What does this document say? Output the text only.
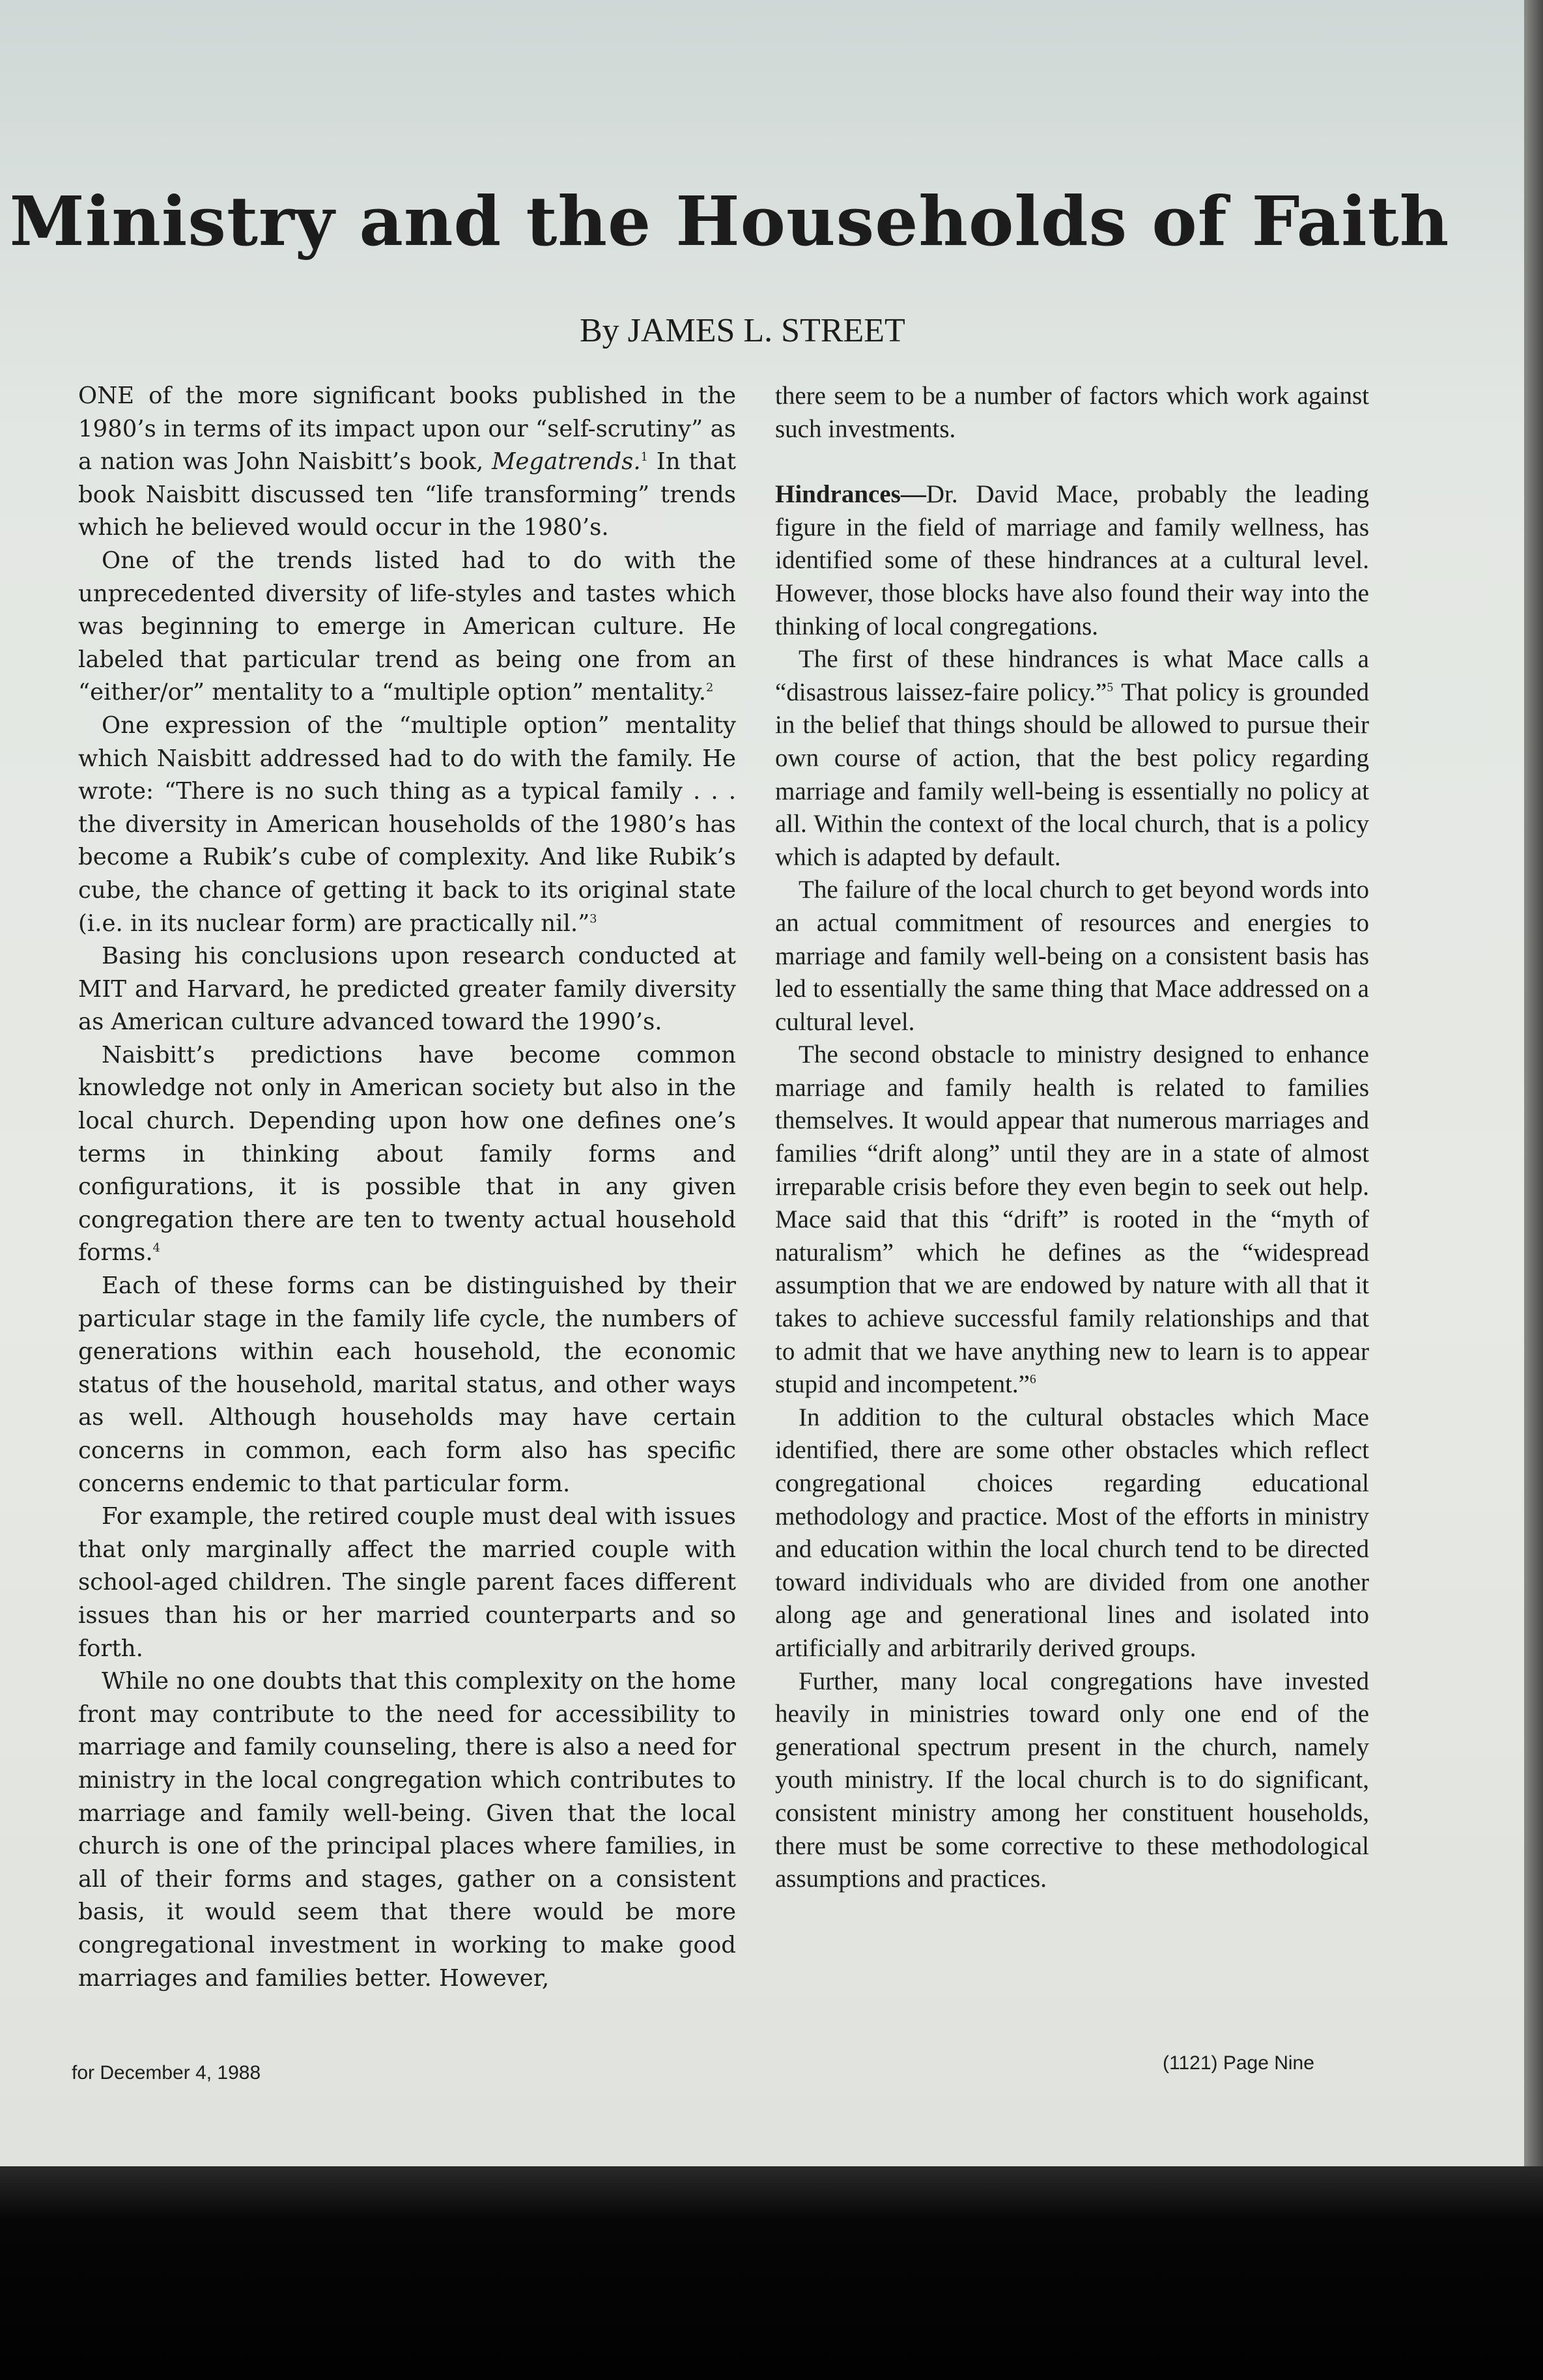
Ministry and the Households of Faith
By JAMES L. STREET

ONE of the more significant books published in the 1980’s in terms of its impact upon our “self-scrutiny” as a nation was John Naisbitt’s book, Megatrends.$^1$ In that book Naisbitt discussed ten “life transforming” trends which he believed would occur in the 1980’s.

One of the trends listed had to do with the unprecedented diversity of life-styles and tastes which was beginning to emerge in American culture. He labeled that particular trend as being one from an “either/or” mentality to a “multiple option” mentality.$^2$

One expression of the “multiple option” mentality which Naisbitt addressed had to do with the family. He wrote: “There is no such thing as a typical family . . . the diversity in American households of the 1980’s has become a Rubik’s cube of complexity. And like Rubik’s cube, the chance of getting it back to its original state (i.e. in its nuclear form) are practically nil.”$^3$

Basing his conclusions upon research conducted at MIT and Harvard, he predicted greater family diversity as American culture advanced toward the 1990’s.

Naisbitt’s predictions have become common knowledge not only in American society but also in the local church. Depending upon how one defines one’s terms in thinking about family forms and configurations, it is possible that in any given congregation there are ten to twenty actual household forms.$^4$

Each of these forms can be distinguished by their particular stage in the family life cycle, the numbers of generations within each household, the economic status of the household, marital status, and other ways as well. Although households may have certain concerns in common, each form also has specific concerns endemic to that particular form.

For example, the retired couple must deal with issues that only marginally affect the married couple with school-aged children. The single parent faces different issues than his or her married counterparts and so forth.

While no one doubts that this complexity on the home front may contribute to the need for accessibility to marriage and family counseling, there is also a need for ministry in the local congregation which contributes to marriage and family well-being. Given that the local church is one of the principal places where families, in all of their forms and stages, gather on a consistent basis, it would seem that there would be more congregational investment in working to make good marriages and families better. However,

there seem to be a number of factors which work against such investments.

Hindrances—Dr. David Mace, probably the leading figure in the field of marriage and family wellness, has identified some of these hindrances at a cultural level. However, those blocks have also found their way into the thinking of local congregations.

The first of these hindrances is what Mace calls a “disastrous laissez-faire policy.”$^5$ That policy is grounded in the belief that things should be allowed to pursue their own course of action, that the best policy regarding marriage and family well-being is essentially no policy at all. Within the context of the local church, that is a policy which is adapted by default.

The failure of the local church to get beyond words into an actual commitment of resources and energies to marriage and family well-being on a consistent basis has led to essentially the same thing that Mace addressed on a cultural level.

The second obstacle to ministry designed to enhance marriage and family health is related to families themselves. It would appear that numerous marriages and families “drift along” until they are in a state of almost irreparable crisis before they even begin to seek out help. Mace said that this “drift” is rooted in the “myth of naturalism” which he defines as the “widespread assumption that we are endowed by nature with all that it takes to achieve successful family relationships and that to admit that we have anything new to learn is to appear stupid and incompetent.”$^6$

In addition to the cultural obstacles which Mace identified, there are some other obstacles which reflect congregational choices regarding educational methodology and practice. Most of the efforts in ministry and education within the local church tend to be directed toward individuals who are divided from one another along age and generational lines and isolated into artificially and arbitrarily derived groups.

Further, many local congregations have invested heavily in ministries toward only one end of the generational spectrum present in the church, namely youth ministry. If the local church is to do significant, consistent ministry among her constituent households, there must be some corrective to these methodological assumptions and practices.

for December 4, 1988	(1121) Page Nine
